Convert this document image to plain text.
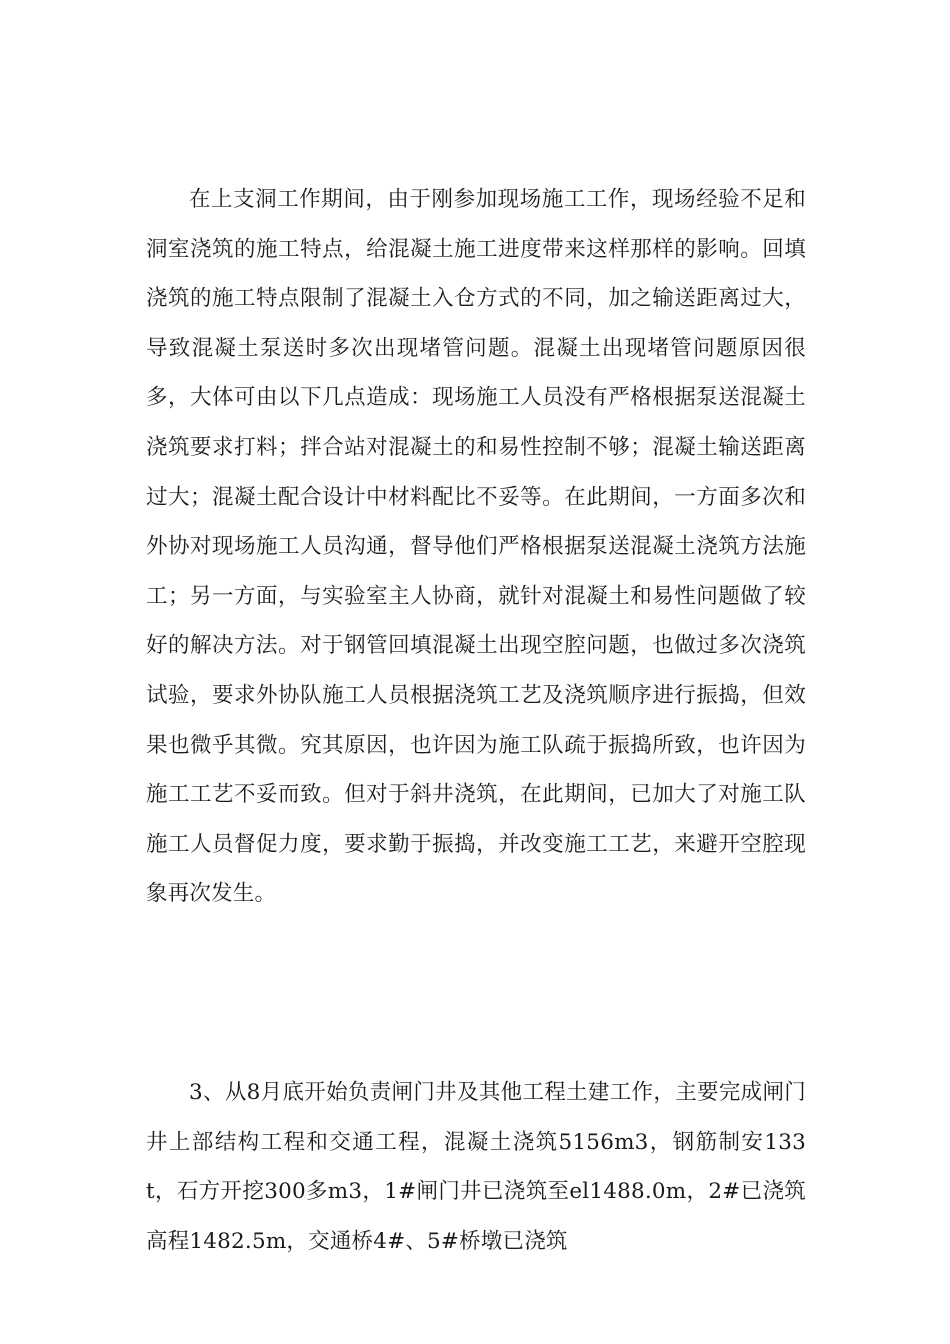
在上支洞工作期间，由于刚参加现场施工工作，现场经验不足和洞室浇筑的施工特点，给混凝土施工进度带来这样那样的影响。回填浇筑的施工特点限制了混凝土入仓方式的不同，加之输送距离过大，导致混凝土泵送时多次出现堵管问题。混凝土出现堵管问题原因很多，大体可由以下几点造成：现场施工人员没有严格根据泵送混凝土浇筑要求打料；拌合站对混凝土的和易性控制不够；混凝土输送距离过大；混凝土配合设计中材料配比不妥等。在此期间，一方面多次和外协对现场施工人员沟通，督导他们严格根据泵送混凝土浇筑方法施工；另一方面，与实验室主人协商，就针对混凝土和易性问题做了较好的解决方法。对于钢管回填混凝土出现空腔问题，也做过多次浇筑试验，要求外协队施工人员根据浇筑工艺及浇筑顺序进行振捣，但效果也微乎其微。究其原因，也许因为施工队疏于振捣所致，也许因为施工工艺不妥而致。但对于斜井浇筑，在此期间，已加大了对施工队施工人员督促力度，要求勤于振捣，并改变施工工艺，来避开空腔现象再次发生。

3、从8月底开始负责闸门井及其他工程土建工作，主要完成闸门井上部结构工程和交通工程，混凝土浇筑5156m3，钢筋制安133t，石方开挖300多m3，1#闸门井已浇筑至el1488.0m，2#已浇筑高程1482.5m，交通桥4#、5#桥墩已浇筑
